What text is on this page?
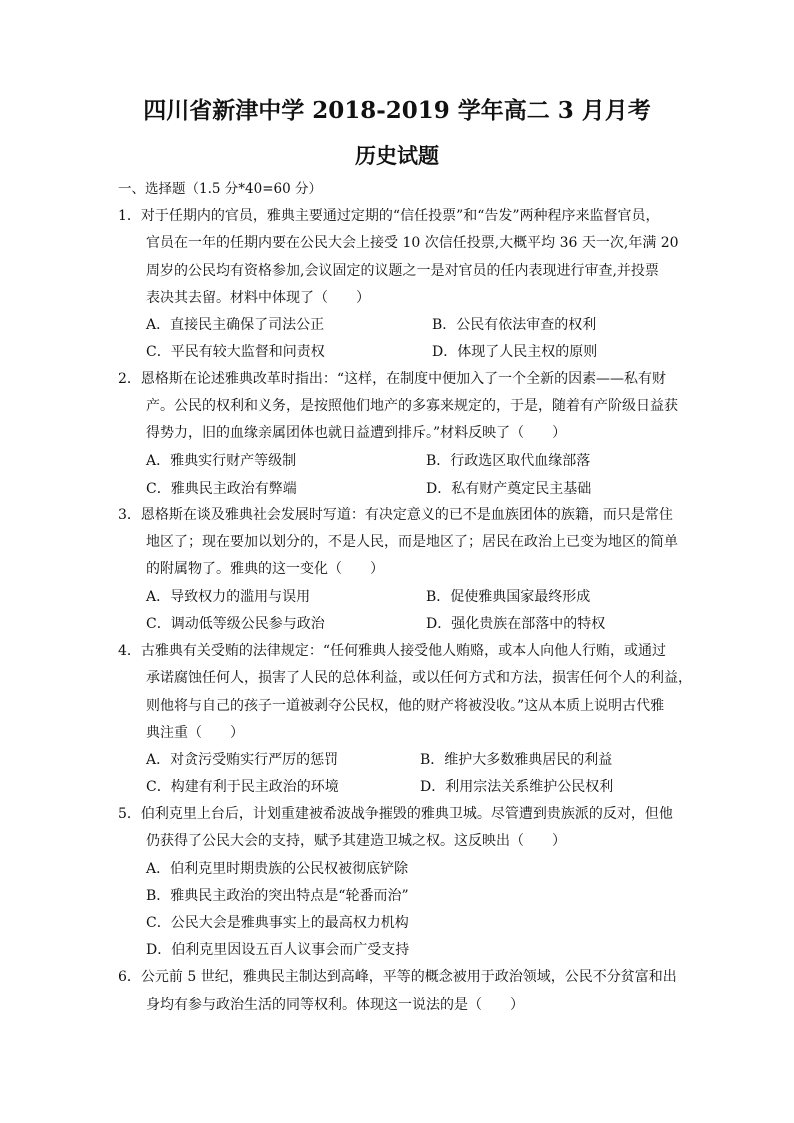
四川省新津中学 2018-2019 学年高二 3 月月考
历史试题
一、选择题（1.5 分*40=60 分）
1．对于任期内的官员，雅典主要通过定期的“信任投票”和“告发”两种程序来监督官员，
官员在一年的任期内要在公民大会上接受 10 次信任投票,大概平均 36 天一次,年满 20
周岁的公民均有资格参加,会议固定的议题之一是对官员的任内表现进行审查,并投票
表决其去留。材料中体现了（　　）
A．直接民主确保了司法公正	B．公民有依法审查的权利
C．平民有较大监督和问责权	D．体现了人民主权的原则
2．恩格斯在论述雅典改革时指出：“这样，在制度中便加入了一个全新的因素——私有财
产。公民的权利和义务，是按照他们地产的多寡来规定的，于是，随着有产阶级日益获
得势力，旧的血缘亲属团体也就日益遭到排斥。”材料反映了（　　）
A．雅典实行财产等级制	B．行政选区取代血缘部落
C．雅典民主政治有弊端	D．私有财产奠定民主基础
3．恩格斯在谈及雅典社会发展时写道：有决定意义的已不是血族团体的族籍，而只是常住
地区了；现在要加以划分的，不是人民，而是地区了；居民在政治上已变为地区的简单
的附属物了。雅典的这一变化（　　）
A．导致权力的滥用与误用	B．促使雅典国家最终形成
C．调动低等级公民参与政治	D．强化贵族在部落中的特权
4．古雅典有关受贿的法律规定：“任何雅典人接受他人贿赂，或本人向他人行贿，或通过
承诺腐蚀任何人，损害了人民的总体利益，或以任何方式和方法，损害任何个人的利益，
则他将与自己的孩子一道被剥夺公民权，他的财产将被没收。”这从本质上说明古代雅
典注重（　　）
A．对贪污受贿实行严厉的惩罚	B．维护大多数雅典居民的利益
C．构建有利于民主政治的环境	D．利用宗法关系维护公民权利
5．伯利克里上台后，计划重建被希波战争摧毁的雅典卫城。尽管遭到贵族派的反对，但他
仍获得了公民大会的支持，赋予其建造卫城之权。这反映出（　　）
A．伯利克里时期贵族的公民权被彻底铲除
B．雅典民主政治的突出特点是“轮番而治”
C．公民大会是雅典事实上的最高权力机构
D．伯利克里因设五百人议事会而广受支持
6．公元前 5 世纪，雅典民主制达到高峰，平等的概念被用于政治领域，公民不分贫富和出
身均有参与政治生活的同等权利。体现这一说法的是（　　）
